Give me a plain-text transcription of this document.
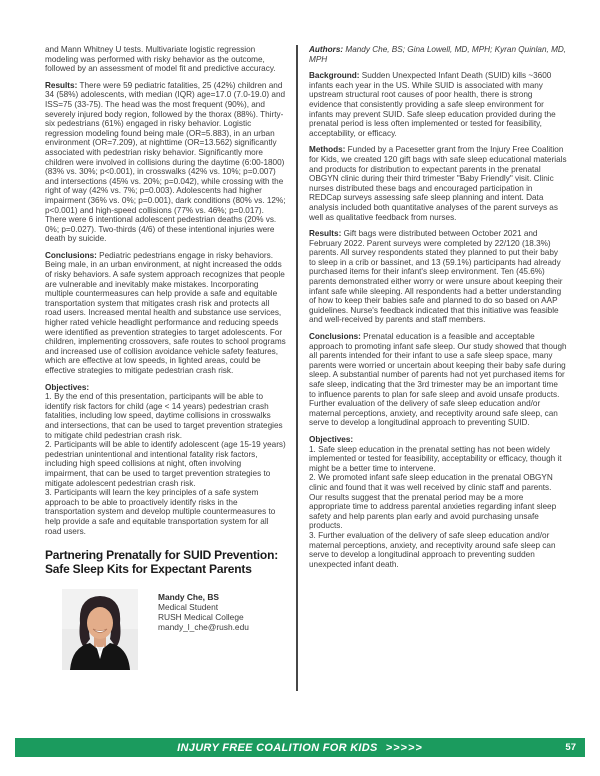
and Mann Whitney U tests. Multivariate logistic regression modeling was performed with risky behavior as the outcome, followed by an assessment of model fit and predictive accuracy.

Results: There were 59 pediatric fatalities, 25 (42%) children and 34 (58%) adolescents, with median (IQR) age=17.0 (7.0-19.0) and ISS=75 (33-75). The head was the most frequent (90%), and severely injured body region, followed by the thorax (88%). Thirty-six pedestrians (61%) engaged in risky behavior. Logistic regression modeling found being male (OR=5.883), in an urban environment (OR=7.209), at nighttime (OR=13.562) significantly associated with pedestrian risky behavior. Significantly more children were involved in collisions during the daytime (6:00-1800) (83% vs. 30%; p<0.001), in crosswalks (42% vs. 10%; p=0.007) and intersections (45% vs. 20%; p=0.042), while crossing with the right of way (42% vs. 7%; p=0.003). Adolescents had higher impairment (36% vs. 0%; p=0.001), dark conditions (80% vs. 12%; p<0.001) and high-speed collisions (77% vs. 46%; p=0.017). There were 6 intentional adolescent pedestrian deaths (20% vs. 0%; p=0.027). Two-thirds (4/6) of these intentional injuries were death by suicide.

Conclusions: Pediatric pedestrians engage in risky behaviors. Being male, in an urban environment, at night increased the odds of risky behaviors. A safe system approach recognizes that people are vulnerable and inevitably make mistakes. Incorporating multiple countermeasures can help provide a safe and equitable transportation system that mitigates crash risk and protects all road users. Increased mental health and substance use services, higher rated vehicle headlight performance and reducing speeds were identified as prevention strategies to target adolescents. For children, implementing crossovers, safe routes to school programs and increased use of collision avoidance vehicle safety features, which are effective at low speeds, in lighted areas, could be effective strategies to mitigate pedestrian crash risk.

Objectives:

1. By the end of this presentation, participants will be able to identify risk factors for child (age < 14 years) pedestrian crash fatalities, including low speed, daytime collisions in crosswalks and intersections, that can be used to target prevention strategies to mitigate child pedestrian crash risk.

2. Participants will be able to identify adolescent (age 15-19 years) pedestrian unintentional and intentional fatality risk factors, including high speed collisions at night, often involving impairment, that can be used to target prevention strategies to mitigate adolescent pedestrian crash risk.

3. Participants will learn the key principles of a safe system approach to be able to proactively identify risks in the transportation system and develop multiple countermeasures to help provide a safe and equitable transportation system for all road users.

Partnering Prenatally for SUID Prevention:
Safe Sleep Kits for Expectant Parents
Mandy Che, BS
Medical Student
RUSH Medical College
mandy_l_che@rush.edu

Authors: Mandy Che, BS; Gina Lowell, MD, MPH; Kyran Quinlan, MD, MPH

Background: Sudden Unexpected Infant Death (SUID) kills ~3600 infants each year in the US. While SUID is associated with many upstream structural root causes of poor health, there is strong evidence that consistently providing a safe sleep environment for infants may prevent SUID. Safe sleep education provided during the prenatal period is less often implemented or tested for feasibility, acceptability, or efficacy.

Methods: Funded by a Pacesetter grant from the Injury Free Coalition for Kids, we created 120 gift bags with safe sleep educational materials and products for distribution to expectant parents in the prenatal OBGYN clinic during their third trimester "Baby Friendly" visit. Clinic nurses distributed these bags and encouraged participation in REDCap surveys assessing safe sleep planning and intent. Data analysis included both quantitative analyses of the parent surveys as well as qualitative feedback from nurses.

Results: Gift bags were distributed between October 2021 and February 2022. Parent surveys were completed by 22/120 (18.3%) parents. All survey respondents stated they planned to put their baby to sleep in a crib or bassinet, and 13 (59.1%) participants had already purchased items for their infant's sleep environment. Ten (45.6%) parents demonstrated either worry or were unsure about keeping their infant safe while sleeping. All respondents had a better understanding of how to keep their babies safe and planned to do so based on AAP guidelines. Nurse's feedback indicated that this initiative was feasible and well-received by parents and staff members.

Conclusions: Prenatal education is a feasible and acceptable approach to promoting infant safe sleep. Our study showed that though all parents intended for their infant to use a safe sleep space, many parents were worried or uncertain about keeping their baby safe during sleep. A substantial number of parents had not yet purchased items for safe sleep, indicating that the 3rd trimester may be an important time to influence parents to plan for safe sleep and avoid unsafe products. Further evaluation of the delivery of safe sleep education and/or maternal perceptions, anxiety, and receptivity around safe sleep, can serve to develop a longitudinal approach to preventing SUID.

Objectives:

1. Safe sleep education in the prenatal setting has not been widely implemented or tested for feasibility, acceptability or efficacy, though it might be a better time to intervene.

2. We promoted infant safe sleep education in the prenatal OBGYN clinic and found that it was well received by clinic staff and parents. Our results suggest that the prenatal period may be a more appropriate time to address parental anxieties regarding infant sleep safety and help parents plan early and avoid purchasing unsafe products.

3. Further evaluation of the delivery of safe sleep education and/or maternal perceptions, anxiety, and receptivity around safe sleep can serve to develop a longitudinal approach to preventing sudden unexpected infant death.

INJURY FREE COALITION FOR KIDS >>>>>	57
